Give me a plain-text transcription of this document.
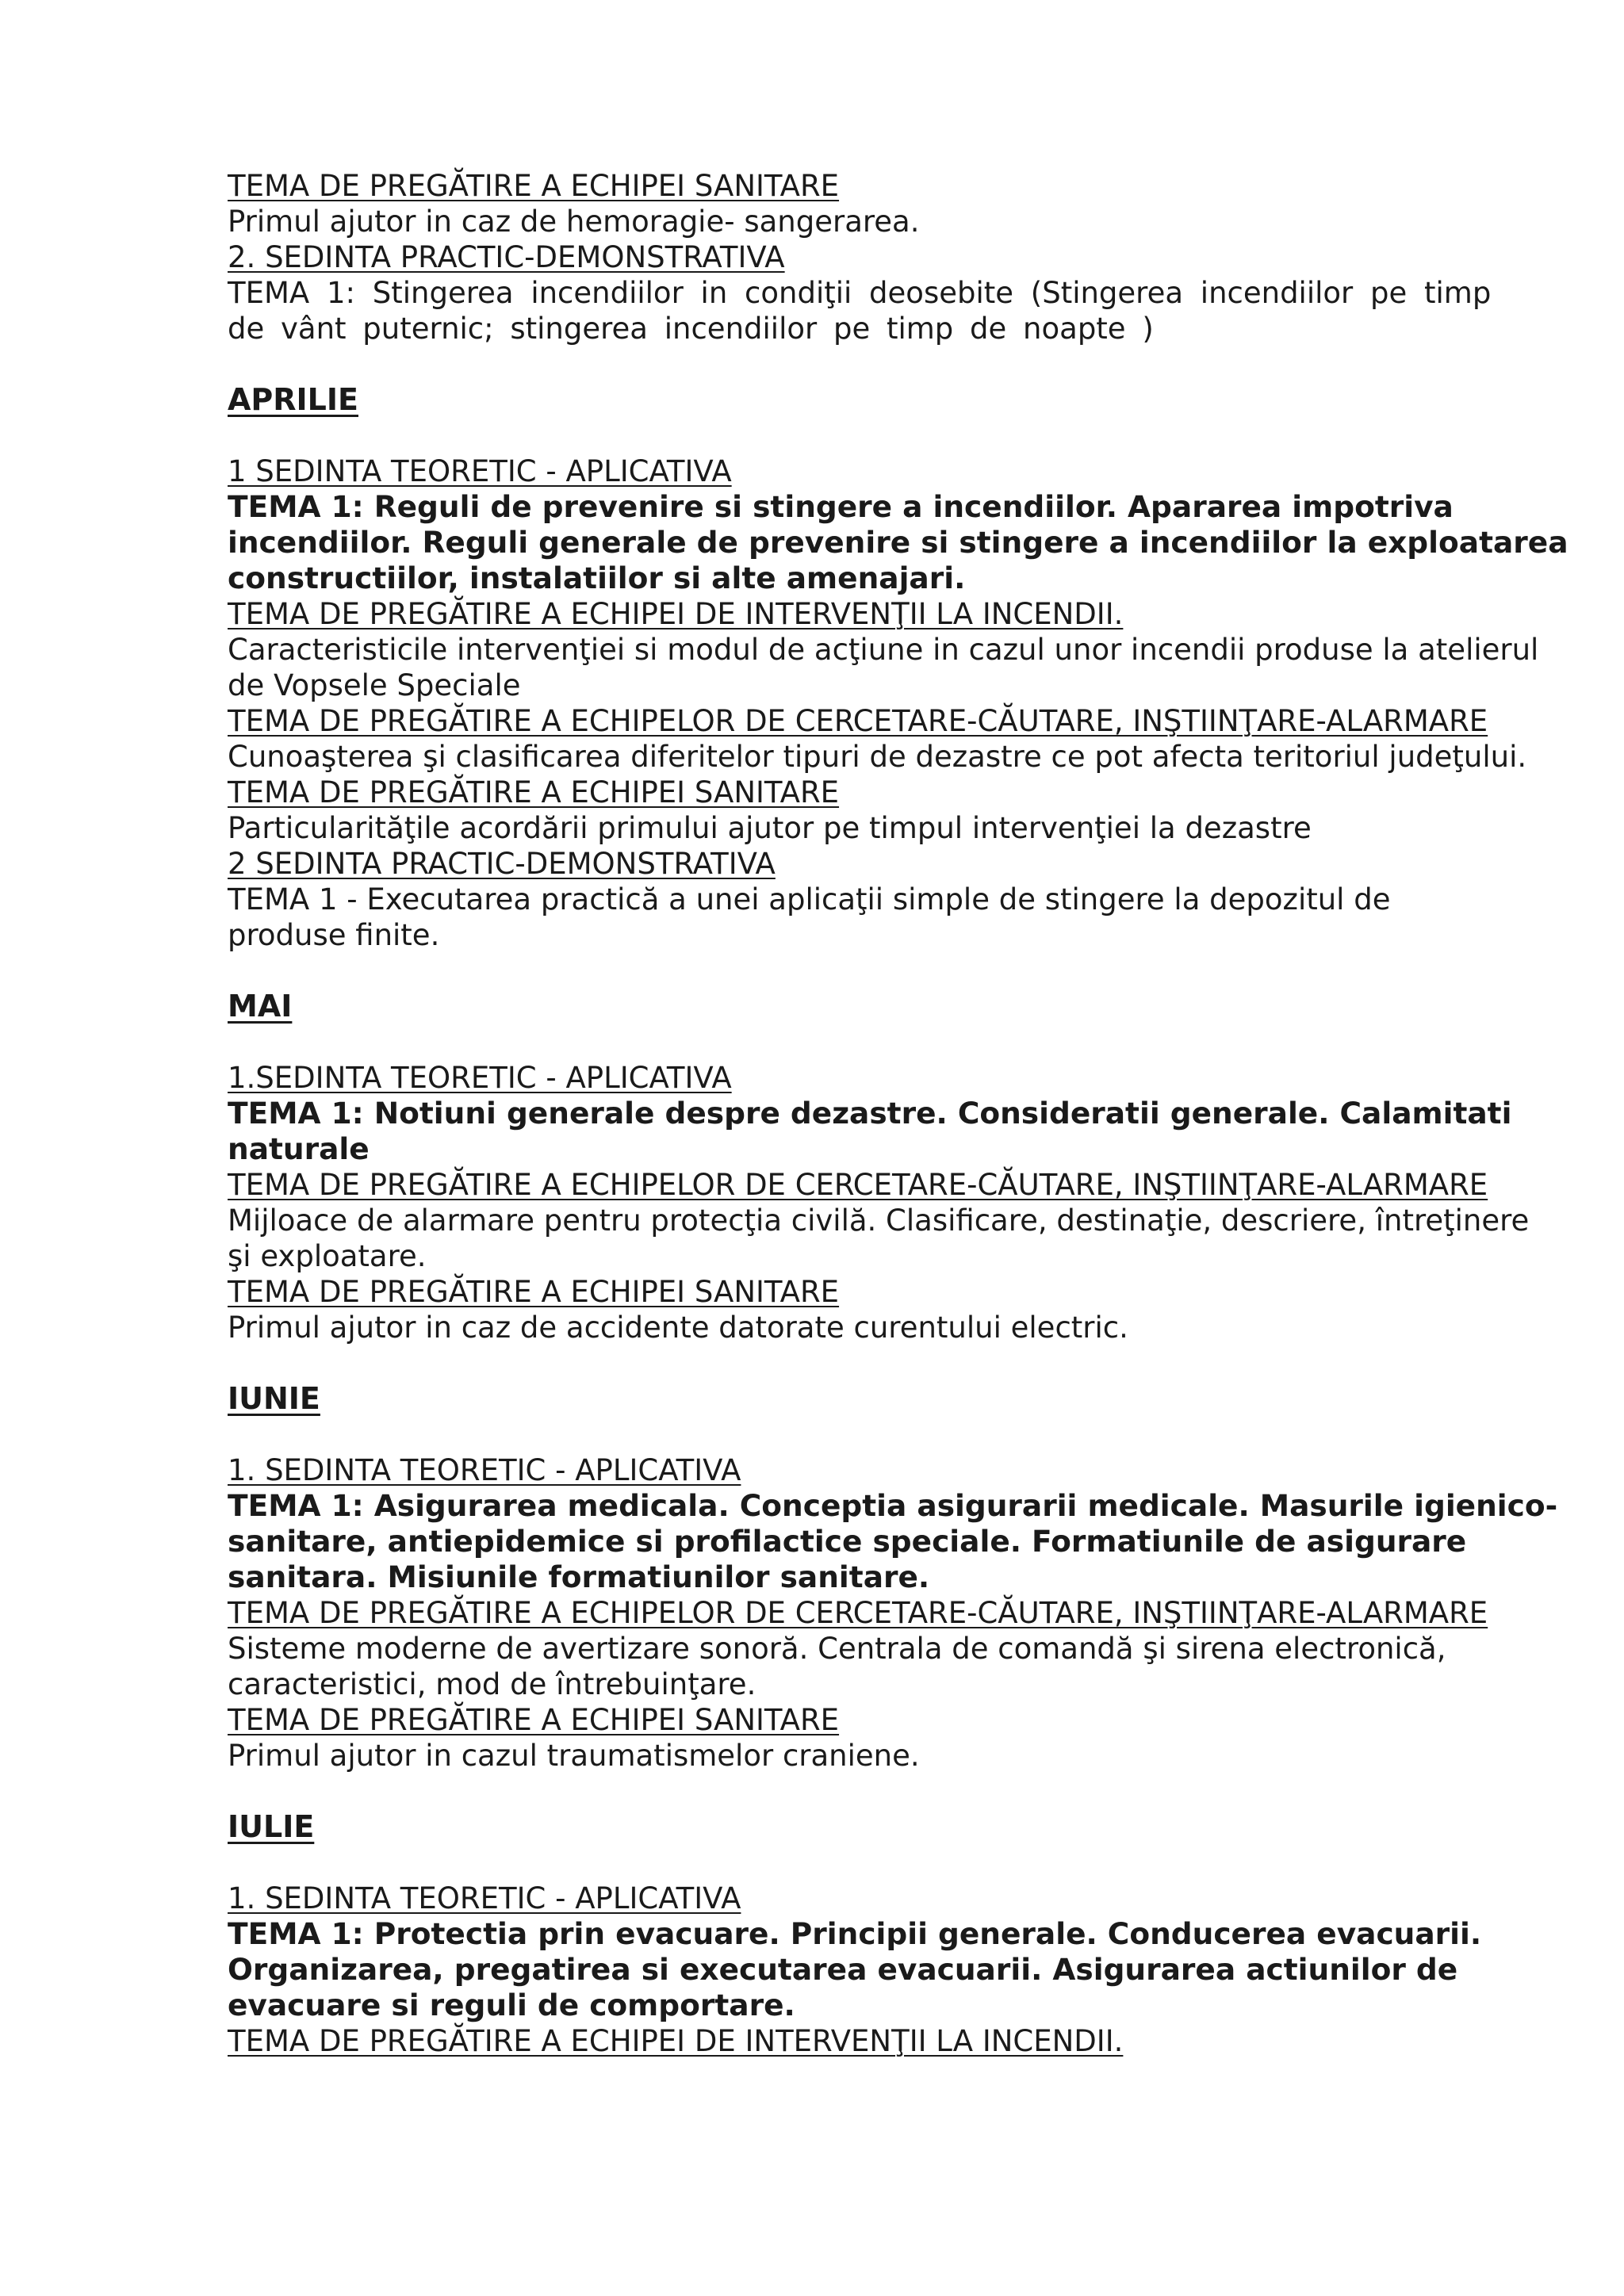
TEMA DE PREGĂTIRE A ECHIPEI SANITARE
Primul ajutor in caz de hemoragie- sangerarea.
2. SEDINTA PRACTIC-DEMONSTRATIVA
TEMA 1: Stingerea incendiilor in condiţii deosebite (Stingerea incendiilor pe timp
de vânt puternic; stingerea incendiilor pe timp de noapte )
APRILIE
1 SEDINTA TEORETIC - APLICATIVA
TEMA 1: Reguli de prevenire si stingere a incendiilor. Apararea impotriva
incendiilor. Reguli generale de prevenire si stingere a incendiilor la exploatarea
constructiilor, instalatiilor si alte amenajari.
TEMA DE PREGĂTIRE A ECHIPEI DE INTERVENŢII LA INCENDII.
Caracteristicile intervenţiei si modul de acţiune in cazul unor incendii produse la atelierul
de Vopsele Speciale
TEMA DE PREGĂTIRE A ECHIPELOR DE CERCETARE-CĂUTARE, INŞTIINŢARE-ALARMARE
Cunoaşterea şi clasificarea diferitelor tipuri de dezastre ce pot afecta teritoriul judeţului.
TEMA DE PREGĂTIRE A ECHIPEI SANITARE
Particularităţile acordării primului ajutor pe timpul intervenţiei la dezastre
2 SEDINTA PRACTIC-DEMONSTRATIVA
TEMA 1 - Executarea practică a unei aplicaţii simple de stingere la depozitul de
produse finite.
MAI
1.SEDINTA TEORETIC - APLICATIVA
TEMA 1: Notiuni generale despre dezastre. Consideratii generale. Calamitati
naturale
TEMA DE PREGĂTIRE A ECHIPELOR DE CERCETARE-CĂUTARE, INŞTIINŢARE-ALARMARE
Mijloace de alarmare pentru protecţia civilă. Clasificare, destinaţie, descriere, întreţinere
şi exploatare.
TEMA DE PREGĂTIRE A ECHIPEI SANITARE
Primul ajutor in caz de accidente datorate curentului electric.
IUNIE
1. SEDINTA TEORETIC - APLICATIVA
TEMA 1: Asigurarea medicala. Conceptia asigurarii medicale. Masurile igienico-
sanitare, antiepidemice si profilactice speciale. Formatiunile de asigurare
sanitara. Misiunile formatiunilor sanitare.
TEMA DE PREGĂTIRE A ECHIPELOR DE CERCETARE-CĂUTARE, INŞTIINŢARE-ALARMARE
Sisteme moderne de avertizare sonoră. Centrala de comandă şi sirena electronică,
caracteristici, mod de întrebuinţare.
TEMA DE PREGĂTIRE A ECHIPEI SANITARE
Primul ajutor in cazul traumatismelor craniene.
IULIE
1. SEDINTA TEORETIC - APLICATIVA
TEMA 1: Protectia prin evacuare. Principii generale. Conducerea evacuarii.
Organizarea, pregatirea si executarea evacuarii. Asigurarea actiunilor de
evacuare si reguli de comportare.
TEMA DE PREGĂTIRE A ECHIPEI DE INTERVENŢII LA INCENDII.
